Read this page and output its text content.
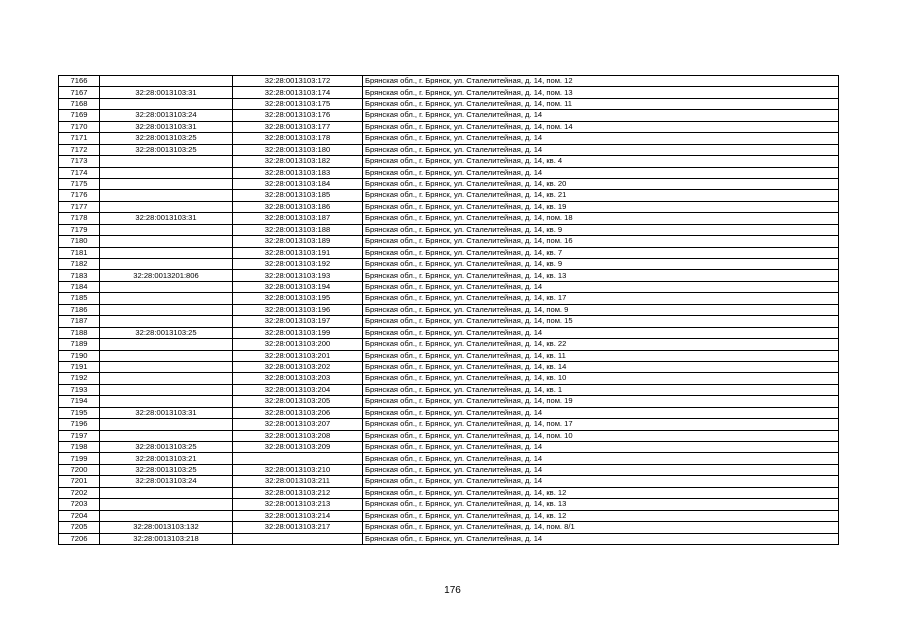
7166		32:28:0013103:172	Брянская обл., г. Брянск, ул. Сталелитейная, д. 14, пом. 12
7167	32:28:0013103:31	32:28:0013103:174	Брянская обл., г. Брянск, ул. Сталелитейная, д. 14, пом. 13
7168		32:28:0013103:175	Брянская обл., г. Брянск, ул. Сталелитейная, д. 14, пом. 11
7169	32:28:0013103:24	32:28:0013103:176	Брянская обл., г. Брянск, ул. Сталелитейная, д. 14
7170	32:28:0013103:31	32:28:0013103:177	Брянская обл., г. Брянск, ул. Сталелитейная, д. 14, пом. 14
7171	32:28:0013103:25	32:28:0013103:178	Брянская обл., г. Брянск, ул. Сталелитейная, д. 14
7172	32:28:0013103:25	32:28:0013103:180	Брянская обл., г. Брянск, ул. Сталелитейная, д. 14
7173		32:28:0013103:182	Брянская обл., г. Брянск, ул. Сталелитейная, д. 14, кв. 4
7174		32:28:0013103:183	Брянская обл., г. Брянск, ул. Сталелитейная, д. 14
7175		32:28:0013103:184	Брянская обл., г. Брянск, ул. Сталелитейная, д. 14, кв. 20
7176		32:28:0013103:185	Брянская обл., г. Брянск, ул. Сталелитейная, д. 14, кв. 21
7177		32:28:0013103:186	Брянская обл., г. Брянск, ул. Сталелитейная, д. 14, кв. 19
7178	32:28:0013103:31	32:28:0013103:187	Брянская обл., г. Брянск, ул. Сталелитейная, д. 14, пом. 18
7179		32:28:0013103:188	Брянская обл., г. Брянск, ул. Сталелитейная, д. 14, кв. 9
7180		32:28:0013103:189	Брянская обл., г. Брянск, ул. Сталелитейная, д. 14, пом. 16
7181		32:28:0013103:191	Брянская обл., г. Брянск, ул. Сталелитейная, д. 14, кв. 7
7182		32:28:0013103:192	Брянская обл., г. Брянск, ул. Сталелитейная, д. 14, кв. 9
7183	32:28:0013201:806	32:28:0013103:193	Брянская обл., г. Брянск, ул. Сталелитейная, д. 14, кв. 13
7184		32:28:0013103:194	Брянская обл., г. Брянск, ул. Сталелитейная, д. 14
7185		32:28:0013103:195	Брянская обл., г. Брянск, ул. Сталелитейная, д. 14, кв. 17
7186		32:28:0013103:196	Брянская обл., г. Брянск, ул. Сталелитейная, д. 14, пом. 9
7187		32:28:0013103:197	Брянская обл., г. Брянск, ул. Сталелитейная, д. 14, пом. 15
7188	32:28:0013103:25	32:28:0013103:199	Брянская обл., г. Брянск, ул. Сталелитейная, д. 14
7189		32:28:0013103:200	Брянская обл., г. Брянск, ул. Сталелитейная, д. 14, кв. 22
7190		32:28:0013103:201	Брянская обл., г. Брянск, ул. Сталелитейная, д. 14, кв. 11
7191		32:28:0013103:202	Брянская обл., г. Брянск, ул. Сталелитейная, д. 14, кв. 14
7192		32:28:0013103:203	Брянская обл., г. Брянск, ул. Сталелитейная, д. 14, кв. 10
7193		32:28:0013103:204	Брянская обл., г. Брянск, ул. Сталелитейная, д. 14, кв. 1
7194		32:28:0013103:205	Брянская обл., г. Брянск, ул. Сталелитейная, д. 14, пом. 19
7195	32:28:0013103:31	32:28:0013103:206	Брянская обл., г. Брянск, ул. Сталелитейная, д. 14
7196		32:28:0013103:207	Брянская обл., г. Брянск, ул. Сталелитейная, д. 14, пом. 17
7197		32:28:0013103:208	Брянская обл., г. Брянск, ул. Сталелитейная, д. 14, пом. 10
7198	32:28:0013103:25	32:28:0013103:209	Брянская обл., г. Брянск, ул. Сталелитейная, д. 14
7199	32:28:0013103:21		Брянская обл., г. Брянск, ул. Сталелитейная, д. 14
7200	32:28:0013103:25	32:28:0013103:210	Брянская обл., г. Брянск, ул. Сталелитейная, д. 14
7201	32:28:0013103:24	32:28:0013103:211	Брянская обл., г. Брянск, ул. Сталелитейная, д. 14
7202		32:28:0013103:212	Брянская обл., г. Брянск, ул. Сталелитейная, д. 14, кв. 12
7203		32:28:0013103:213	Брянская обл., г. Брянск, ул. Сталелитейная, д. 14, кв. 13
7204		32:28:0013103:214	Брянская обл., г. Брянск, ул. Сталелитейная, д. 14, кв. 12
7205	32:28:0013103:132	32:28:0013103:217	Брянская обл., г. Брянск, ул. Сталелитейная, д. 14, пом. 8/1
7206	32:28:0013103:218		Брянская обл., г. Брянск, ул. Сталелитейная, д. 14
176
